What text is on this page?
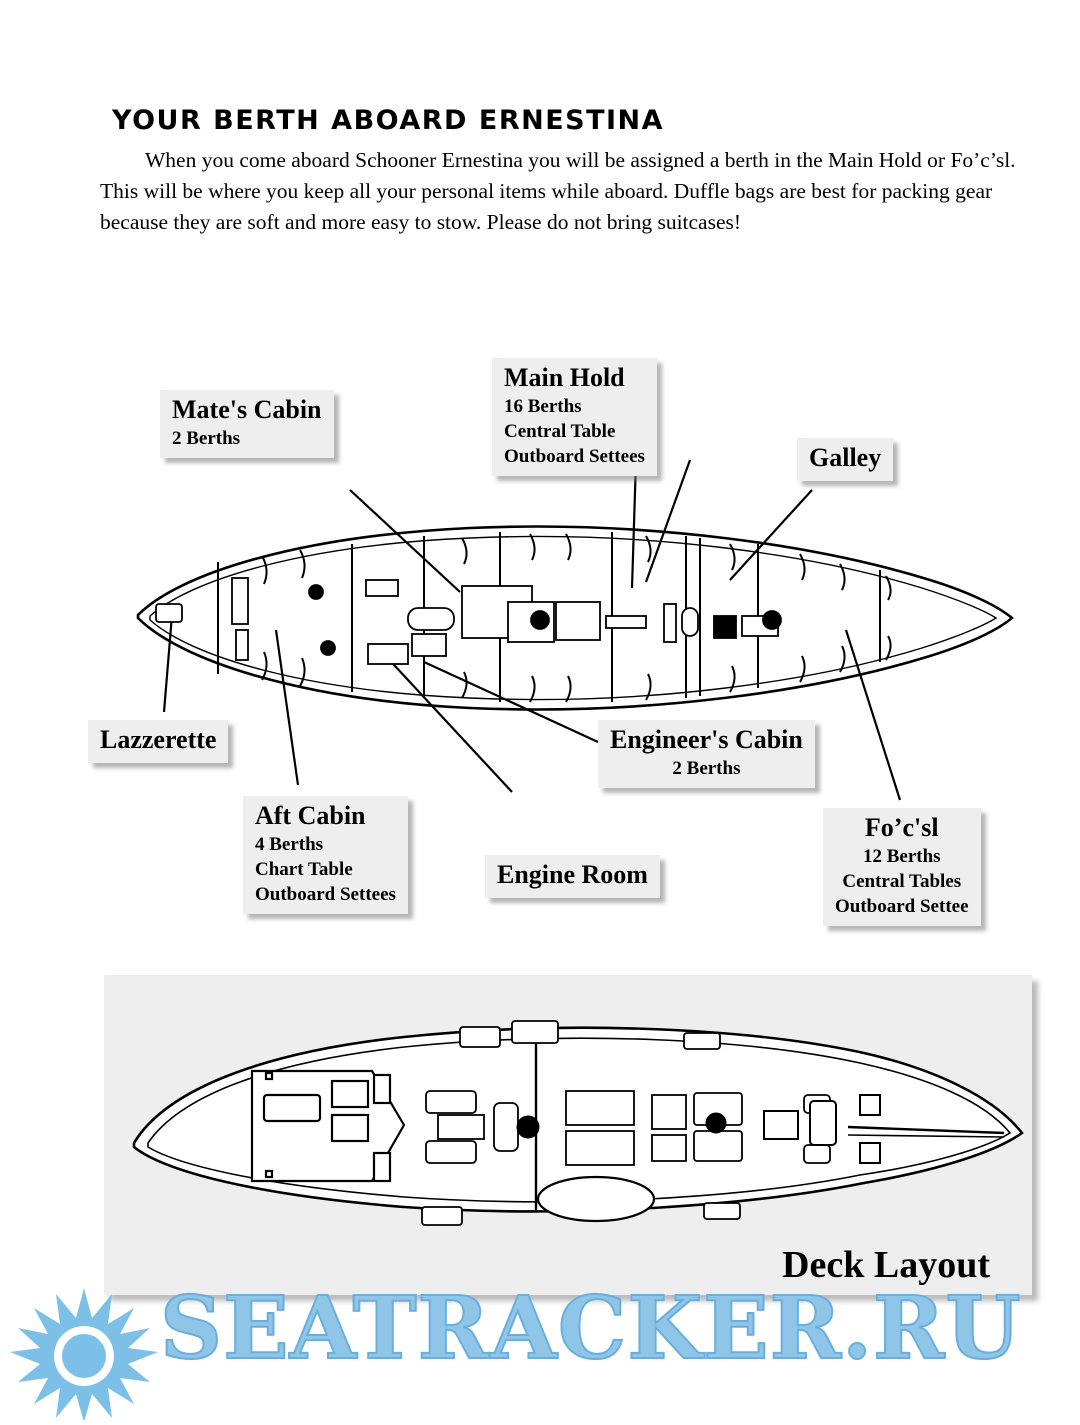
YOUR BERTH ABOARD ERNESTINA
When you come aboard Schooner Ernestina you will be assigned a berth in the Main Hold or Fo’c’sl. This will be where you keep all your personal items while aboard. Duffle bags are best for packing gear because they are soft and more easy to stow. Please do not bring suitcases!
Mate's Cabin
2 Berths
Main Hold
16 Berths
Central Table
Outboard Settees	Galley
Lazzerette	Engineer's Cabin
2 Berths
Aft Cabin
4 Berths
Chart Table
Outboard Settees
Engine Room
Fo’c'sl
12 Berths
Central Tables
Outboard Settee
Deck Layout
SEATRACKER.RU
